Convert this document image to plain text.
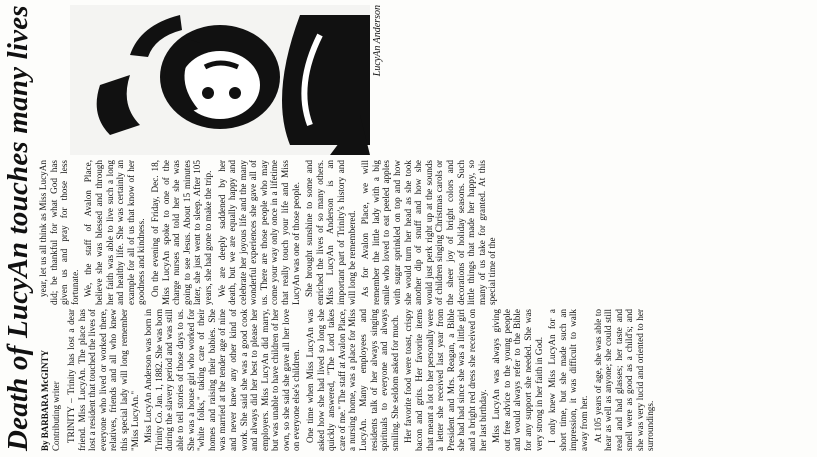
Death of LucyAn touches many lives By BARBARA McGINTY Contributing writer TRINITY – Trinity has lost a dear friend. Miss LucyAn. The place has lost a resident that touched the lives of everyone who lived or worked there, relatives, friends and all who knew this special lady will long remember "Miss LucyAn." Miss LucyAn Anderson was born in Trinity Co. Jan. 1, 1882. She was born during the slavery period and was still able to tell stories of those days to us. She was a house girl who worked for "white folks," taking care of their homes and raising their babies. She was married at the tender age of nine and never knew any other kind of work. She said she was a good cook and always did her best to please her employers. Miss LucyAn did marry, but was unable to have children of her own, so she said she gave all her love on everyone else's children. One time when Miss LucyAn was asked how she had lived so long she quickly answered, "The Lord takes care of me." The staff at Avalon Place, a nursing home, was a place for Miss LucyAn. Many employees and residents talk of her always singing spirituals to everyone and always smiling. She seldom asked for much. Her favorite food were toast, crispy bacon and grits. Her favorite items that meant a lot to her personally were a letter she received last year from President and Mrs. Reagan, a Bible she had had since she was a little girl and a bright red dress she received on her last birthday. Miss LucyAn was always giving out free advice to the young people and would always refer to the Bible for any support she needed. She was very strong in her faith in God. I only knew Miss LucyAn for a short time, but she made such an impression, it was difficult to walk away from her. At 105 years of age, she was able to hear as well as anyone; she could still read and had glasses; her taste and smell were as good as a child's; and she was very lucid and oriented to her surroundings.

year, let us all think as Miss LucyAn did; be thankful for what God has given us and pray for those less fortunate. We, the staff of Avalon Place, believe she was blessed and through her faith was able to live such a long and healthy life. She was certainly an example for all of us that know of her goodness and kindness. On the evening of Friday, Dec. 18, Miss LucyAn spoke to one of the charge nurses and told her she was going to see Jesus. About 15 minutes later, she just went to sleep. After 105 years, she had gone to make the trip. We are deeply saddened by her death, but we are equally happy and celebrate her joyous life and the many wonderful experiences she gave all of us. There are those people who may come your way only once in a lifetime that really touch your life and Miss LucyAn was one of those people. She brought sunshine to some and enriched the lives of so many others. Miss LucyAn Anderson is an important part of Trinity's history and will long be remembered. As for Avalon Place, we will remember the little lady with a big smile who loved to eat peeled apples with sugar sprinkled on top and how she would turn her head as she took another dip of snuff and how she would just perk right up at the sounds of children singing Christmas carols or the sheer joy of bright colors and decorations of holiday seasons. Such little things that made her happy, so many of us take for granted. At this special time of the

LucyAn Anderson
